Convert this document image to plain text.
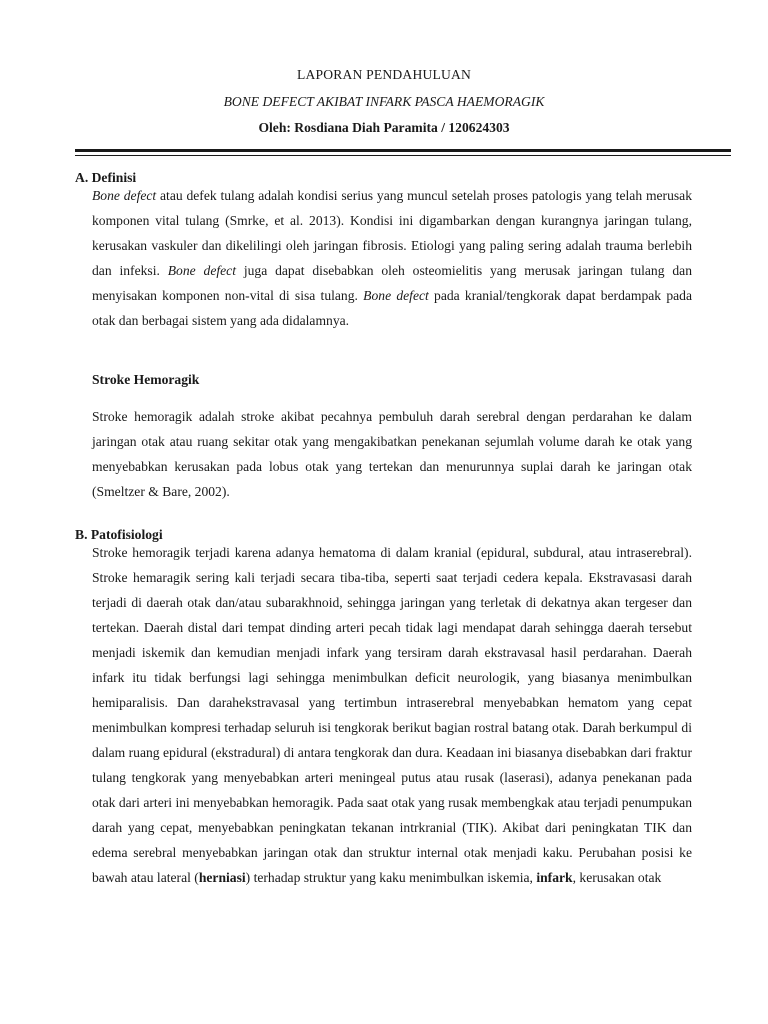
LAPORAN PENDAHULUAN
BONE DEFECT AKIBAT INFARK PASCA HAEMORAGIK
Oleh: Rosdiana Diah Paramita / 120624303
A. Definisi
Bone defect atau defek tulang adalah kondisi serius yang muncul setelah proses patologis yang telah merusak komponen vital tulang (Smrke, et al. 2013). Kondisi ini digambarkan dengan kurangnya jaringan tulang, kerusakan vaskuler dan dikelilingi oleh jaringan fibrosis. Etiologi yang paling sering adalah trauma berlebih dan infeksi. Bone defect juga dapat disebabkan oleh osteomielitis yang merusak jaringan tulang dan menyisakan komponen non-vital di sisa tulang. Bone defect pada kranial/tengkorak dapat berdampak pada otak dan berbagai sistem yang ada didalamnya.
Stroke Hemoragik
Stroke hemoragik adalah stroke akibat pecahnya pembuluh darah serebral dengan perdarahan ke dalam jaringan otak atau ruang sekitar otak yang mengakibatkan penekanan sejumlah volume darah ke otak yang menyebabkan kerusakan pada lobus otak yang tertekan dan menurunnya suplai darah ke jaringan otak (Smeltzer & Bare, 2002).
B. Patofisiologi
Stroke hemoragik terjadi karena adanya hematoma di dalam kranial (epidural, subdural, atau intraserebral). Stroke hemaragik sering kali terjadi secara tiba-tiba, seperti saat terjadi cedera kepala. Ekstravasasi darah terjadi di daerah otak dan/atau subarakhnoid, sehingga jaringan yang terletak di dekatnya akan tergeser dan tertekan. Daerah distal dari tempat dinding arteri pecah tidak lagi mendapat darah sehingga daerah tersebut menjadi iskemik dan kemudian menjadi infark yang tersiram darah ekstravasal hasil perdarahan. Daerah infark itu tidak berfungsi lagi sehingga menimbulkan deficit neurologik, yang biasanya menimbulkan hemiparalisis. Dan darahekstravasal yang tertimbun intraserebral menyebabkan hematom yang cepat menimbulkan kompresi terhadap seluruh isi tengkorak berikut bagian rostral batang otak. Darah berkumpul di dalam ruang epidural (ekstradural) di antara tengkorak dan dura. Keadaan ini biasanya disebabkan dari fraktur tulang tengkorak yang menyebabkan arteri meningeal putus atau rusak (laserasi), adanya penekanan pada otak dari arteri ini menyebabkan hemoragik. Pada saat otak yang rusak membengkak atau terjadi penumpukan darah yang cepat, menyebabkan peningkatan tekanan intrkranial (TIK). Akibat dari peningkatan TIK dan edema serebral menyebabkan jaringan otak dan struktur internal otak menjadi kaku. Perubahan posisi ke bawah atau lateral (herniasi) terhadap struktur yang kaku menimbulkan iskemia, infark, kerusakan otak
